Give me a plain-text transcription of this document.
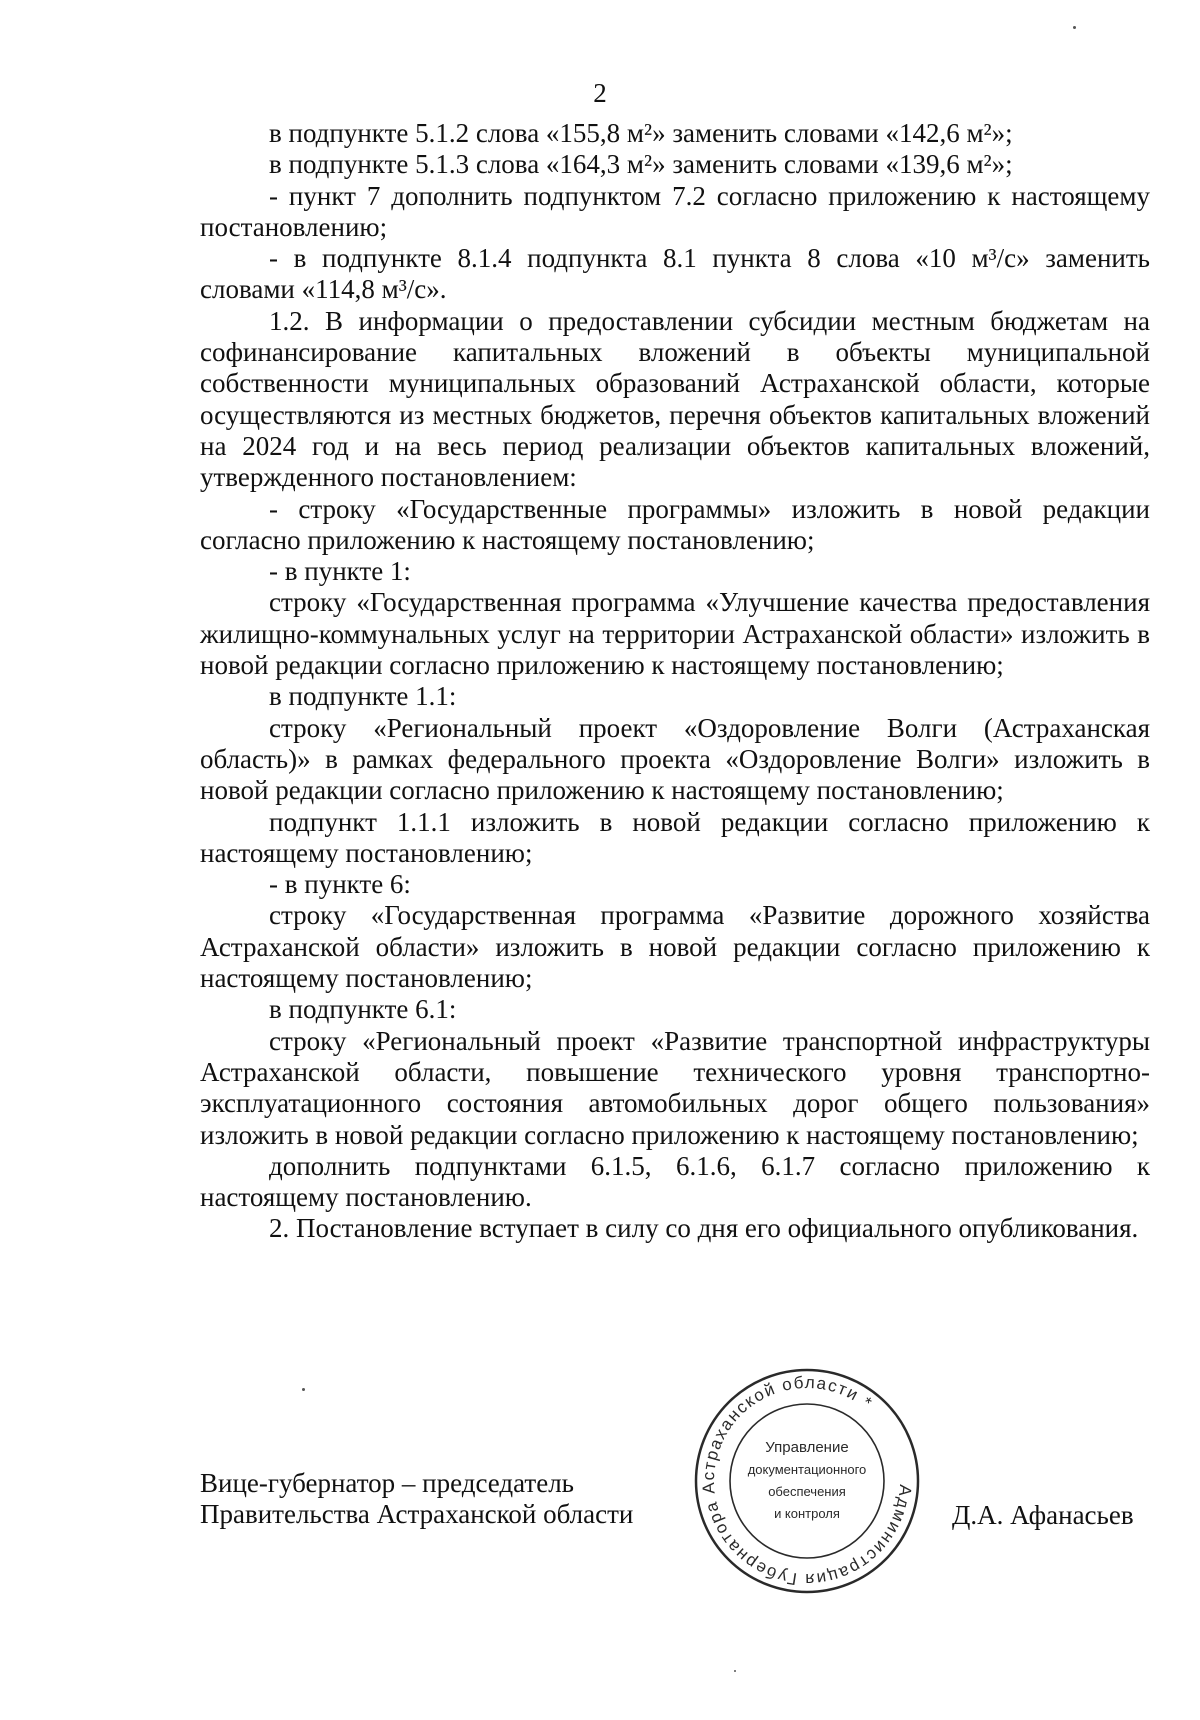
2

в подпункте 5.1.2 слова «155,8 м²» заменить словами «142,6 м²»;

в подпункте 5.1.3 слова «164,3 м²» заменить словами «139,6 м²»;

- пункт 7 дополнить подпунктом 7.2 согласно приложению к настоящему постановлению;

- в подпункте 8.1.4 подпункта 8.1 пункта 8 слова «10 м³/с» заменить словами «114,8 м³/с».

1.2. В информации о предоставлении субсидии местным бюджетам на софинансирование капитальных вложений в объекты муниципальной собственности муниципальных образований Астраханской области, которые осуществляются из местных бюджетов, перечня объектов капитальных вложений на 2024 год и на весь период реализации объектов капитальных вложений, утвержденного постановлением:

- строку «Государственные программы» изложить в новой редакции согласно приложению к настоящему постановлению;

- в пункте 1:

строку «Государственная программа «Улучшение качества предоставления жилищно-коммунальных услуг на территории Астраханской области» изложить в новой редакции согласно приложению к настоящему постановлению;

в подпункте 1.1:

строку «Региональный проект «Оздоровление Волги (Астраханская область)» в рамках федерального проекта «Оздоровление Волги» изложить в новой редакции согласно приложению к настоящему постановлению;

подпункт 1.1.1 изложить в новой редакции согласно приложению к настоящему постановлению;

- в пункте 6:

строку «Государственная программа «Развитие дорожного хозяйства Астраханской области» изложить в новой редакции согласно приложению к настоящему постановлению;

в подпункте 6.1:

строку «Региональный проект «Развитие транспортной инфраструктуры Астраханской области, повышение технического уровня транспортно-эксплуатационного состояния автомобильных дорог общего пользования» изложить в новой редакции согласно приложению к настоящему постановлению;

дополнить подпунктами 6.1.5, 6.1.6, 6.1.7 согласно приложению к настоящему постановлению.

2. Постановление вступает в силу со дня его официального опубликования.

Вице-губернатор – председатель
Правительства Астраханской области
Администрация Губернатора Астраханской области *
Управление
документационного
обеспечения
и контроля	Д.А. Афанасьев
